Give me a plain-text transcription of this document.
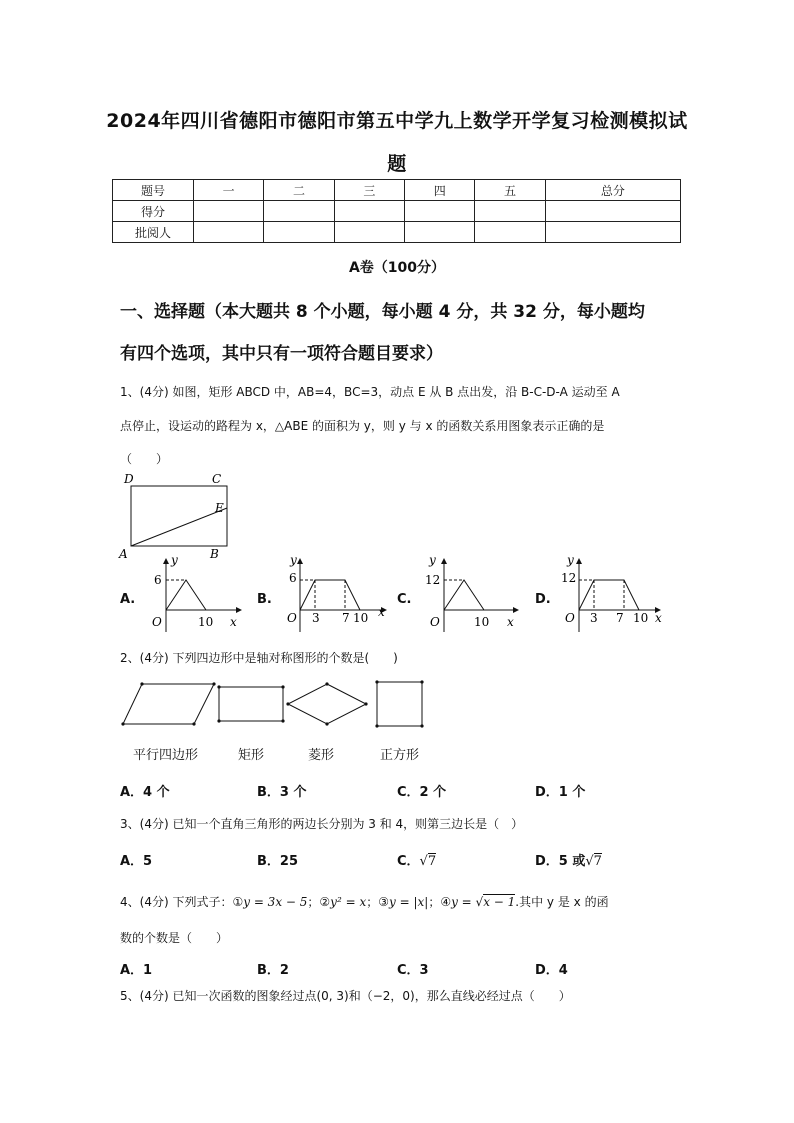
2024年四川省德阳市德阳市第五中学九上数学开学复习检测模拟试
题
题号	一	二	三	四	五	总分
得分						
批阅人						
A卷（100分）
一、选择题（本大题共 8 个小题，每小题 4 分，共 32 分，每小题均
有四个选项，其中只有一项符合题目要求）
1、(4分) 如图，矩形 ABCD 中，AB=4，BC=3，动点 E 从 B 点出发，沿 B-C-D-A 运动至 A
点停止，设运动的路程为 x，△ABE 的面积为 y，则 y 与 x 的函数关系用图象表示正确的是
（　　）
D	C
E
A	B
A.
y
6
O	10 x
B.
y
6
O 3 7 10 x
C.
y
12
O	10 x
D.
y
12
O 3 7 10 x
2、(4分) 下列四边形中是轴对称图形的个数是(　　)
平行四边形	矩形	菱形	正方形
A．4 个	B．3 个	C．2 个	D．1 个
3、(4分) 已知一个直角三角形的两边长分别为 3 和 4，则第三边长是（　）
A．5	B．25	C．√7	D．5 或√7
4、(4分) 下列式子：①y = 3x − 5；②y² = x；③y = |x|；④y = √x − 1.其中 y 是 x 的函
数的个数是（　　）
A．1	B．2	C．3	D．4
5、(4分) 已知一次函数的图象经过点(0, 3)和（−2，0)，那么直线必经过点（　　）
